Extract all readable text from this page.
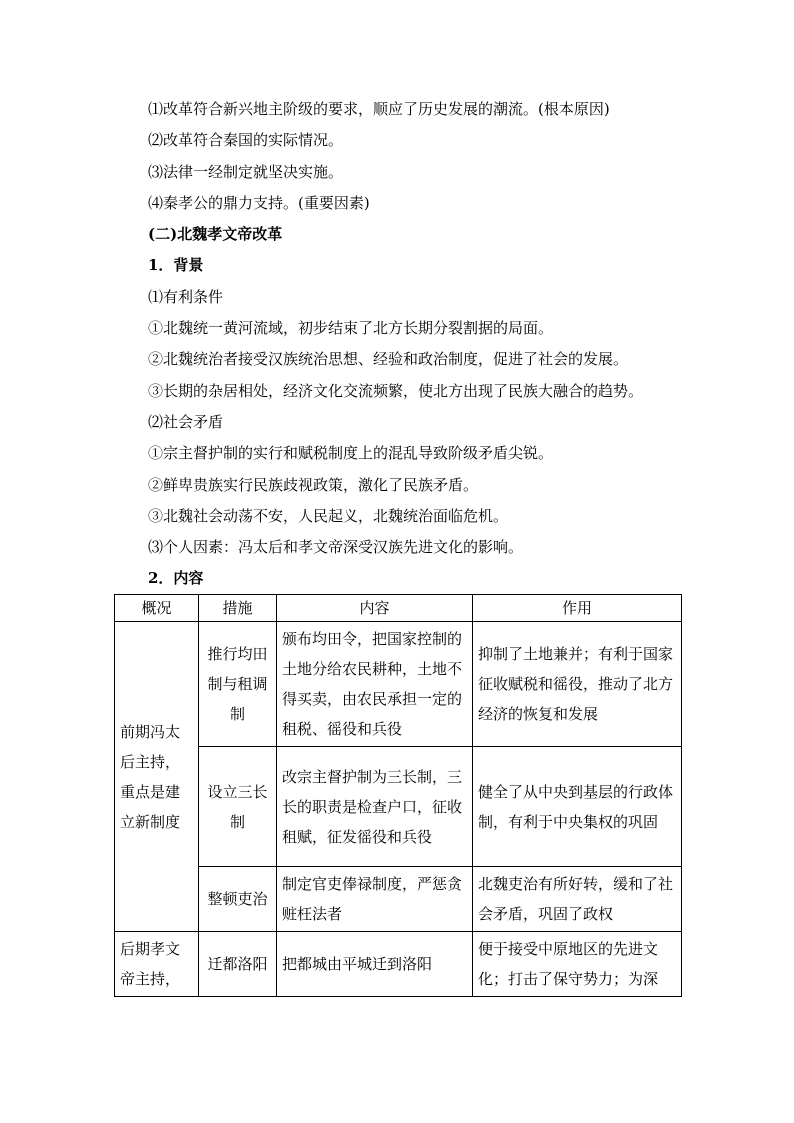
⑴改革符合新兴地主阶级的要求，顺应了历史发展的潮流。(根本原因)
⑵改革符合秦国的实际情况。
⑶法律一经制定就坚决实施。
⑷秦孝公的鼎力支持。(重要因素)
(二)北魏孝文帝改革
1．背景
⑴有利条件
①北魏统一黄河流域，初步结束了北方长期分裂割据的局面。
②北魏统治者接受汉族统治思想、经验和政治制度，促进了社会的发展。
③长期的杂居相处，经济文化交流频繁，使北方出现了民族大融合的趋势。
⑵社会矛盾
①宗主督护制的实行和赋税制度上的混乱导致阶级矛盾尖锐。
②鲜卑贵族实行民族歧视政策，激化了民族矛盾。
③北魏社会动荡不安，人民起义，北魏统治面临危机。
⑶个人因素：冯太后和孝文帝深受汉族先进文化的影响。
2．内容
概况	措施	内容	作用
前期冯太后主持，重点是建立新制度	推行均田制与租调制	颁布均田令，把国家控制的土地分给农民耕种，土地不得买卖，由农民承担一定的租税、徭役和兵役	抑制了土地兼并；有利于国家征收赋税和徭役，推动了北方经济的恢复和发展
	设立三长制	改宗主督护制为三长制，三长的职责是检查户口，征收租赋，征发徭役和兵役	健全了从中央到基层的行政体制，有利于中央集权的巩固
	整顿吏治	制定官吏俸禄制度，严惩贪赃枉法者	北魏吏治有所好转，缓和了社会矛盾，巩固了政权
后期孝文帝主持，	迁都洛阳	把都城由平城迁到洛阳	便于接受中原地区的先进文化；打击了保守势力；为深
